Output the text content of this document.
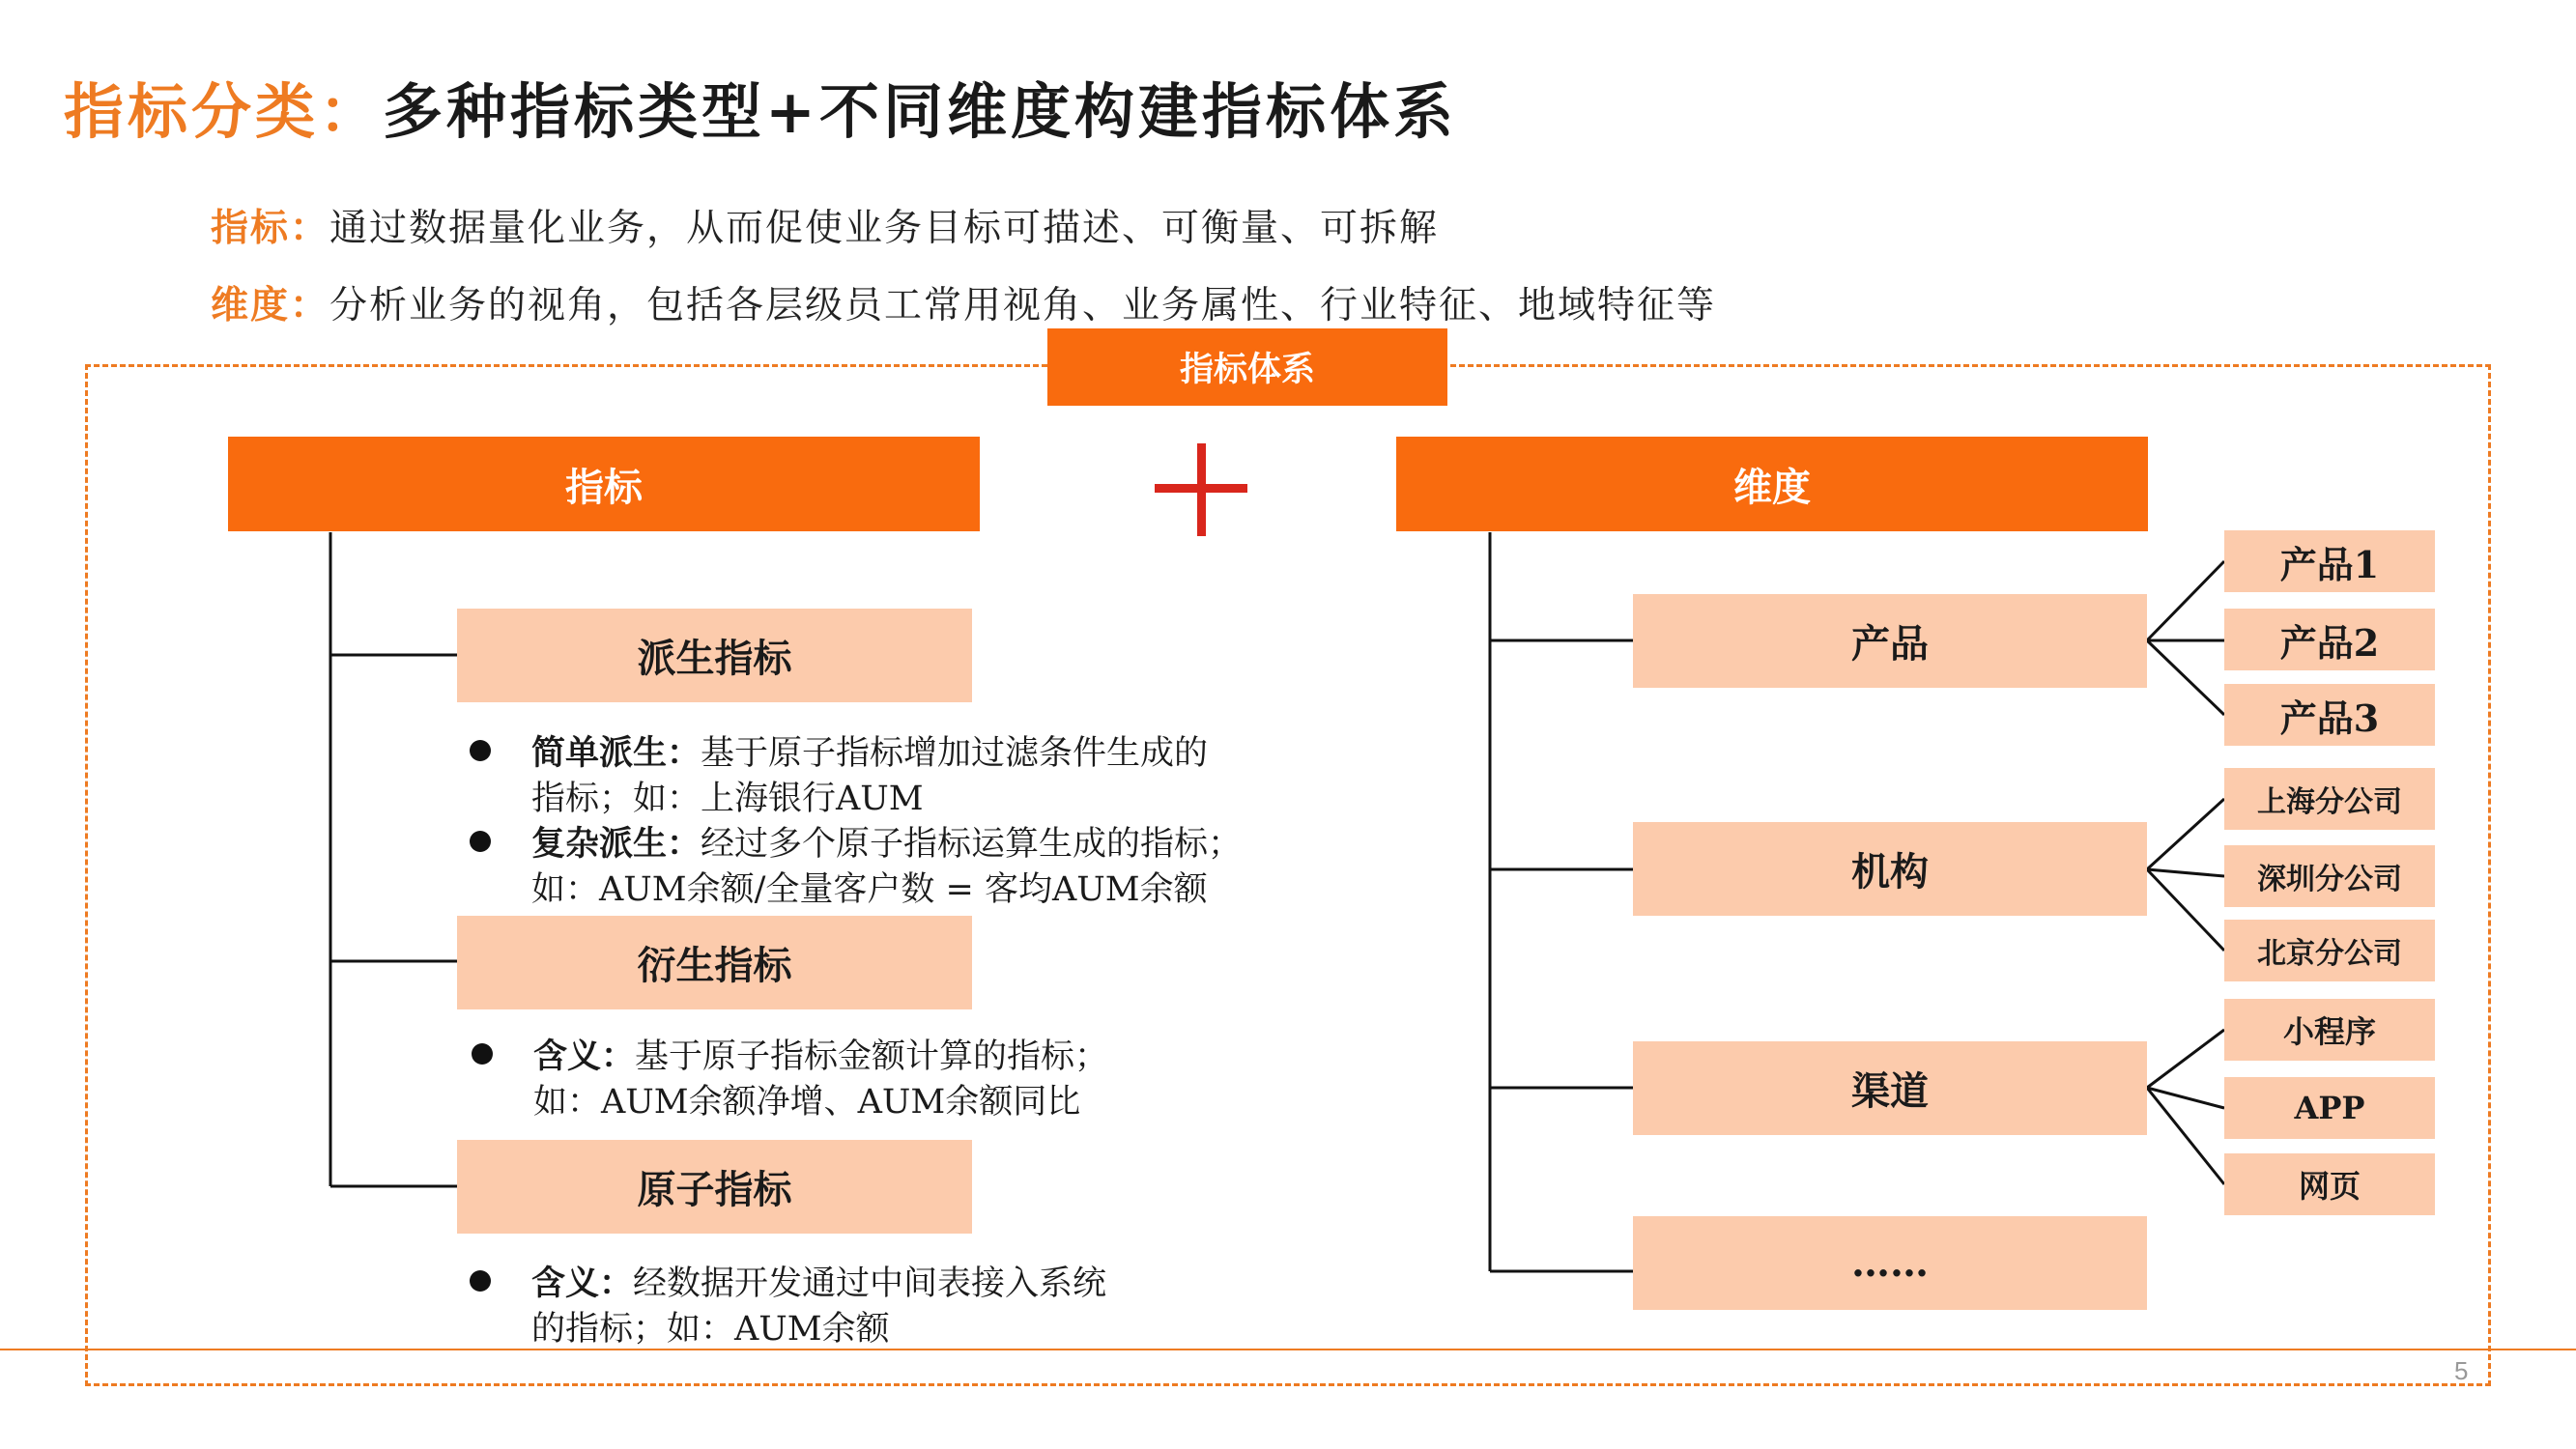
指标分类：多种指标类型+不同维度构建指标体系
指标：通过数据量化业务，从而促使业务目标可描述、可衡量、可拆解
维度：分析业务的视角，包括各层级员工常用视角、业务属性、行业特征、地域特征等
指标体系
指标	维度
派生指标
衍生指标
原子指标
简单派生：基于原子指标增加过滤条件生成的
指标；如：上海银行AUM
复杂派生：经过多个原子指标运算生成的指标；
如：AUM余额/全量客户数 = 客均AUM余额
含义：基于原子指标金额计算的指标；
如：AUM余额净增、AUM余额同比
含义：经数据开发通过中间表接入系统
的指标；如：AUM余额
产品
机构
渠道
……
产品1
产品2
产品3
上海分公司
深圳分公司
北京分公司
小程序
APP
网页
5
